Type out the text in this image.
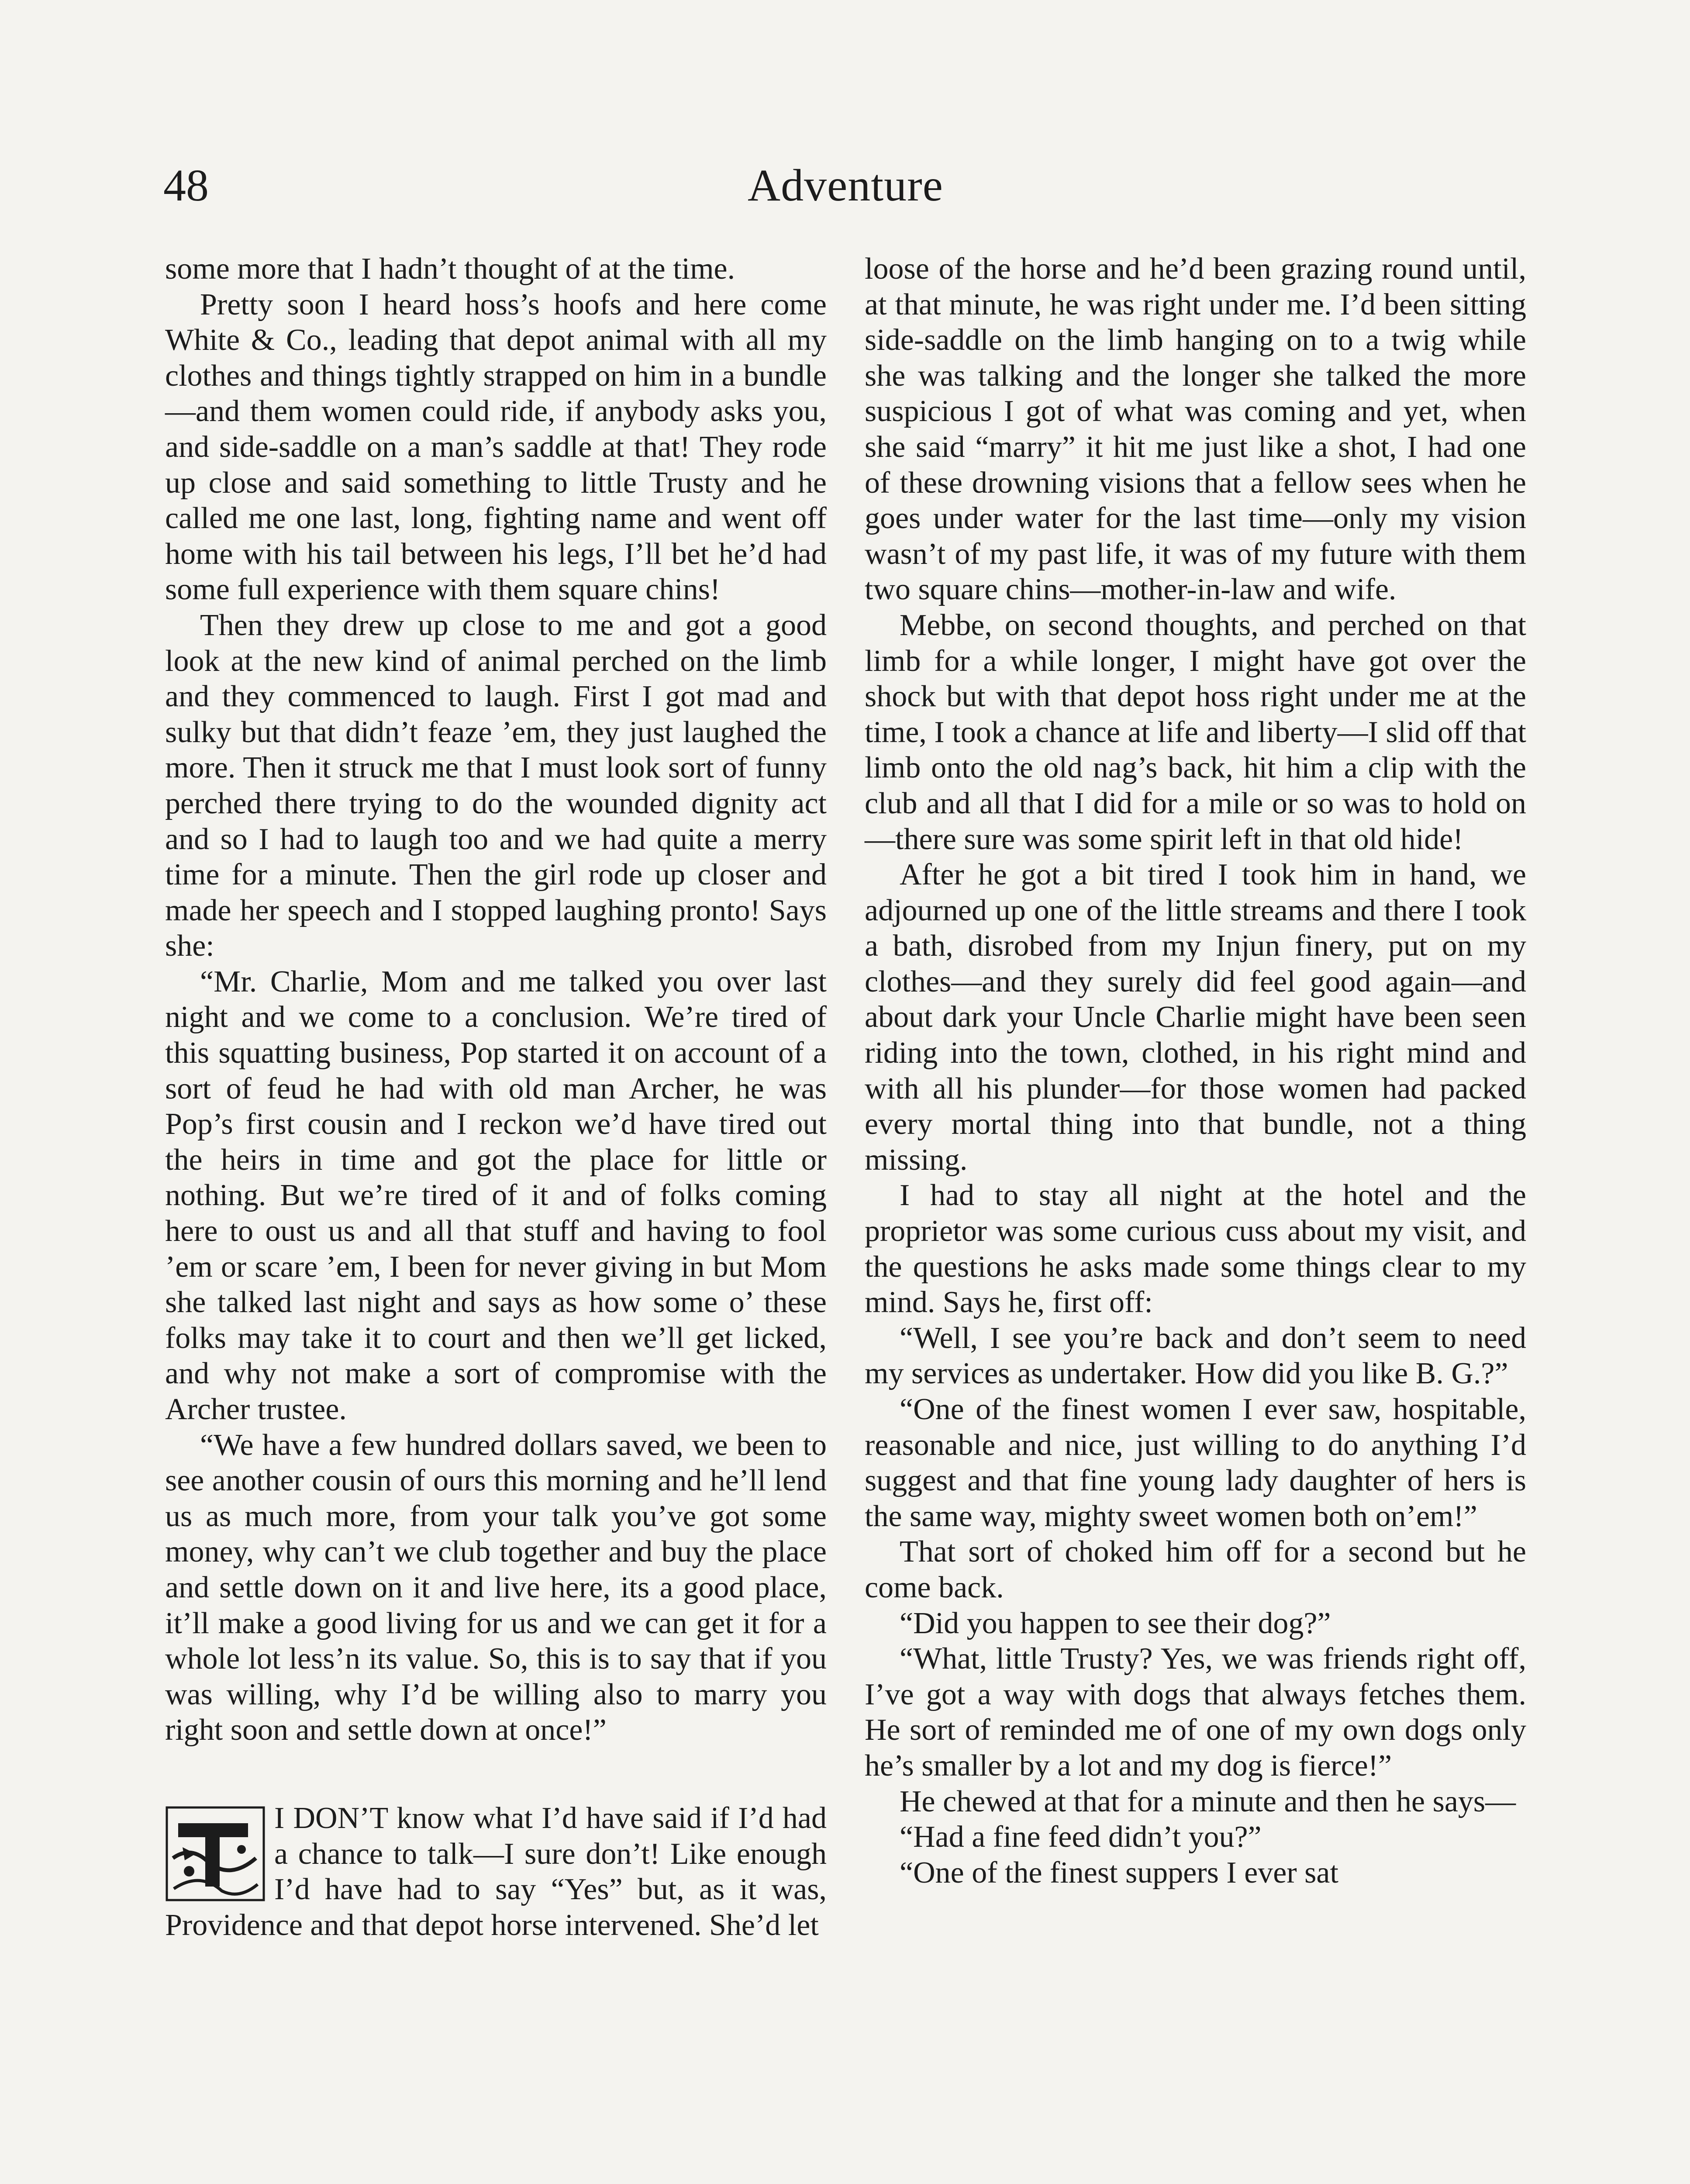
48	Adventure

some more that I hadn’t thought of at the time.

Pretty soon I heard hoss’s hoofs and here come White & Co., leading that depot animal with all my clothes and things tightly strapped on him in a bundle—and them women could ride, if anybody asks you, and side-saddle on a man’s saddle at that! They rode up close and said something to little Trusty and he called me one last, long, fighting name and went off home with his tail between his legs, I’ll bet he’d had some full experience with them square chins!

Then they drew up close to me and got a good look at the new kind of animal perched on the limb and they commenced to laugh. First I got mad and sulky but that didn’t feaze ’em, they just laughed the more. Then it struck me that I must look sort of funny perched there trying to do the wounded dignity act and so I had to laugh too and we had quite a merry time for a minute. Then the girl rode up closer and made her speech and I stopped laughing pronto! Says she:

“Mr. Charlie, Mom and me talked you over last night and we come to a conclusion. We’re tired of this squatting business, Pop started it on account of a sort of feud he had with old man Archer, he was Pop’s first cousin and I reckon we’d have tired out the heirs in time and got the place for little or nothing. But we’re tired of it and of folks coming here to oust us and all that stuff and having to fool ’em or scare ’em, I been for never giving in but Mom she talked last night and says as how some o’ these folks may take it to court and then we’ll get licked, and why not make a sort of compromise with the Archer trustee.

“We have a few hundred dollars saved, we been to see another cousin of ours this morning and he’ll lend us as much more, from your talk you’ve got some money, why can’t we club together and buy the place and settle down on it and live here, its a good place, it’ll make a good living for us and we can get it for a whole lot less’n its value. So, this is to say that if you was willing, why I’d be willing also to marry you right soon and settle down at once!”

I DON’T know what I’d have said if I’d had a chance to talk—I sure don’t! Like enough I’d have had to say “Yes” but, as it was, Providence and that depot horse intervened. She’d let

loose of the horse and he’d been grazing round until, at that minute, he was right under me. I’d been sitting side-saddle on the limb hanging on to a twig while she was talking and the longer she talked the more suspicious I got of what was coming and yet, when she said “marry” it hit me just like a shot, I had one of these drowning visions that a fellow sees when he goes under water for the last time—only my vision wasn’t of my past life, it was of my future with them two square chins—mother-in-law and wife.

Mebbe, on second thoughts, and perched on that limb for a while longer, I might have got over the shock but with that depot hoss right under me at the time, I took a chance at life and liberty—I slid off that limb onto the old nag’s back, hit him a clip with the club and all that I did for a mile or so was to hold on—there sure was some spirit left in that old hide!

After he got a bit tired I took him in hand, we adjourned up one of the little streams and there I took a bath, disrobed from my Injun finery, put on my clothes—and they surely did feel good again—and about dark your Uncle Charlie might have been seen riding into the town, clothed, in his right mind and with all his plunder—for those women had packed every mortal thing into that bundle, not a thing missing.

I had to stay all night at the hotel and the proprietor was some curious cuss about my visit, and the questions he asks made some things clear to my mind. Says he, first off:

“Well, I see you’re back and don’t seem to need my services as undertaker. How did you like B. G.?”

“One of the finest women I ever saw, hospitable, reasonable and nice, just willing to do anything I’d suggest and that fine young lady daughter of hers is the same way, mighty sweet women both on’em!”

That sort of choked him off for a second but he come back.

“Did you happen to see their dog?”

“What, little Trusty? Yes, we was friends right off, I’ve got a way with dogs that always fetches them. He sort of reminded me of one of my own dogs only he’s smaller by a lot and my dog is fierce!”

He chewed at that for a minute and then he says—

“Had a fine feed didn’t you?”

“One of the finest suppers I ever sat
